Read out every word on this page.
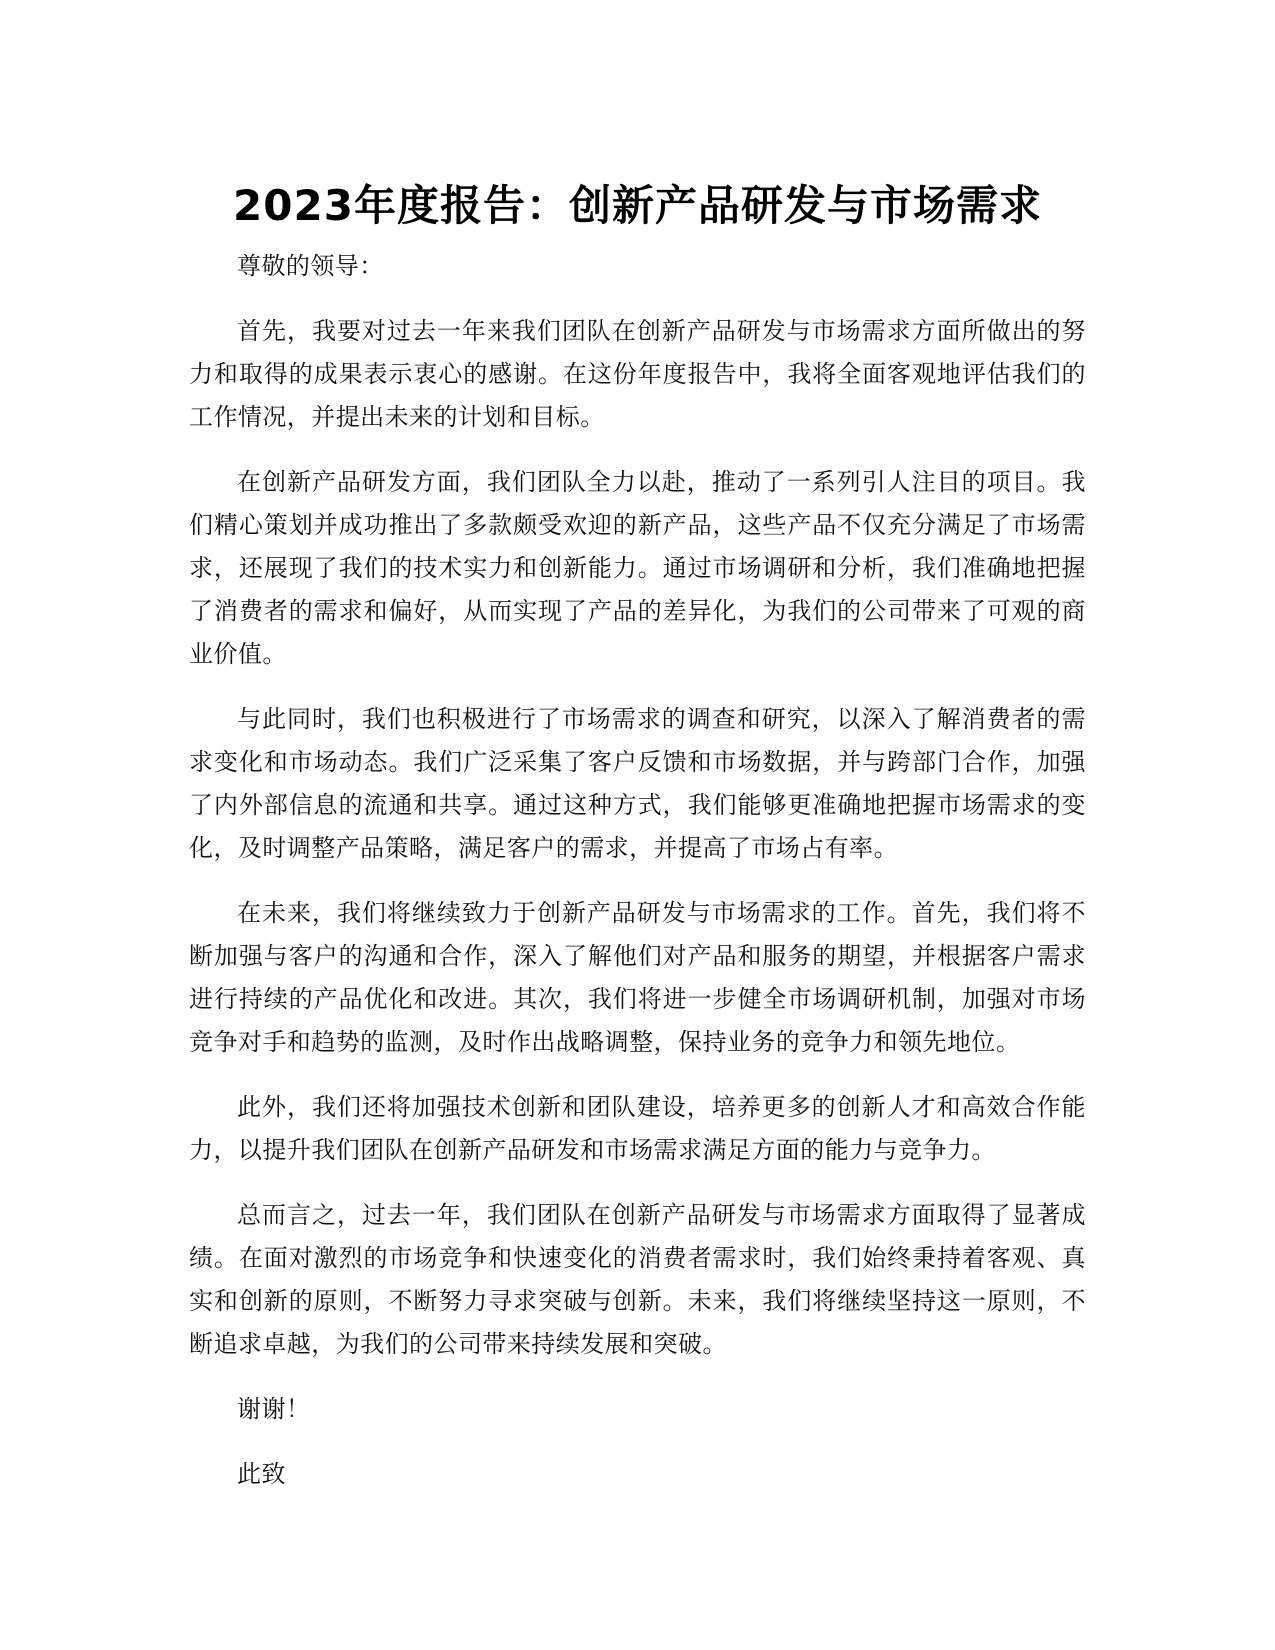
2023年度报告：创新产品研发与市场需求

尊敬的领导：

首先，我要对过去一年来我们团队在创新产品研发与市场需求方面所做出的努力和取得的成果表示衷心的感谢。在这份年度报告中，我将全面客观地评估我们的工作情况，并提出未来的计划和目标。

在创新产品研发方面，我们团队全力以赴，推动了一系列引人注目的项目。我们精心策划并成功推出了多款颇受欢迎的新产品，这些产品不仅充分满足了市场需求，还展现了我们的技术实力和创新能力。通过市场调研和分析，我们准确地把握了消费者的需求和偏好，从而实现了产品的差异化，为我们的公司带来了可观的商业价值。

与此同时，我们也积极进行了市场需求的调查和研究，以深入了解消费者的需求变化和市场动态。我们广泛采集了客户反馈和市场数据，并与跨部门合作，加强了内外部信息的流通和共享。通过这种方式，我们能够更准确地把握市场需求的变化，及时调整产品策略，满足客户的需求，并提高了市场占有率。

在未来，我们将继续致力于创新产品研发与市场需求的工作。首先，我们将不断加强与客户的沟通和合作，深入了解他们对产品和服务的期望，并根据客户需求进行持续的产品优化和改进。其次，我们将进一步健全市场调研机制，加强对市场竞争对手和趋势的监测，及时作出战略调整，保持业务的竞争力和领先地位。

此外，我们还将加强技术创新和团队建设，培养更多的创新人才和高效合作能力，以提升我们团队在创新产品研发和市场需求满足方面的能力与竞争力。

总而言之，过去一年，我们团队在创新产品研发与市场需求方面取得了显著成绩。在面对激烈的市场竞争和快速变化的消费者需求时，我们始终秉持着客观、真实和创新的原则，不断努力寻求突破与创新。未来，我们将继续坚持这一原则，不断追求卓越，为我们的公司带来持续发展和突破。

谢谢！

此致
